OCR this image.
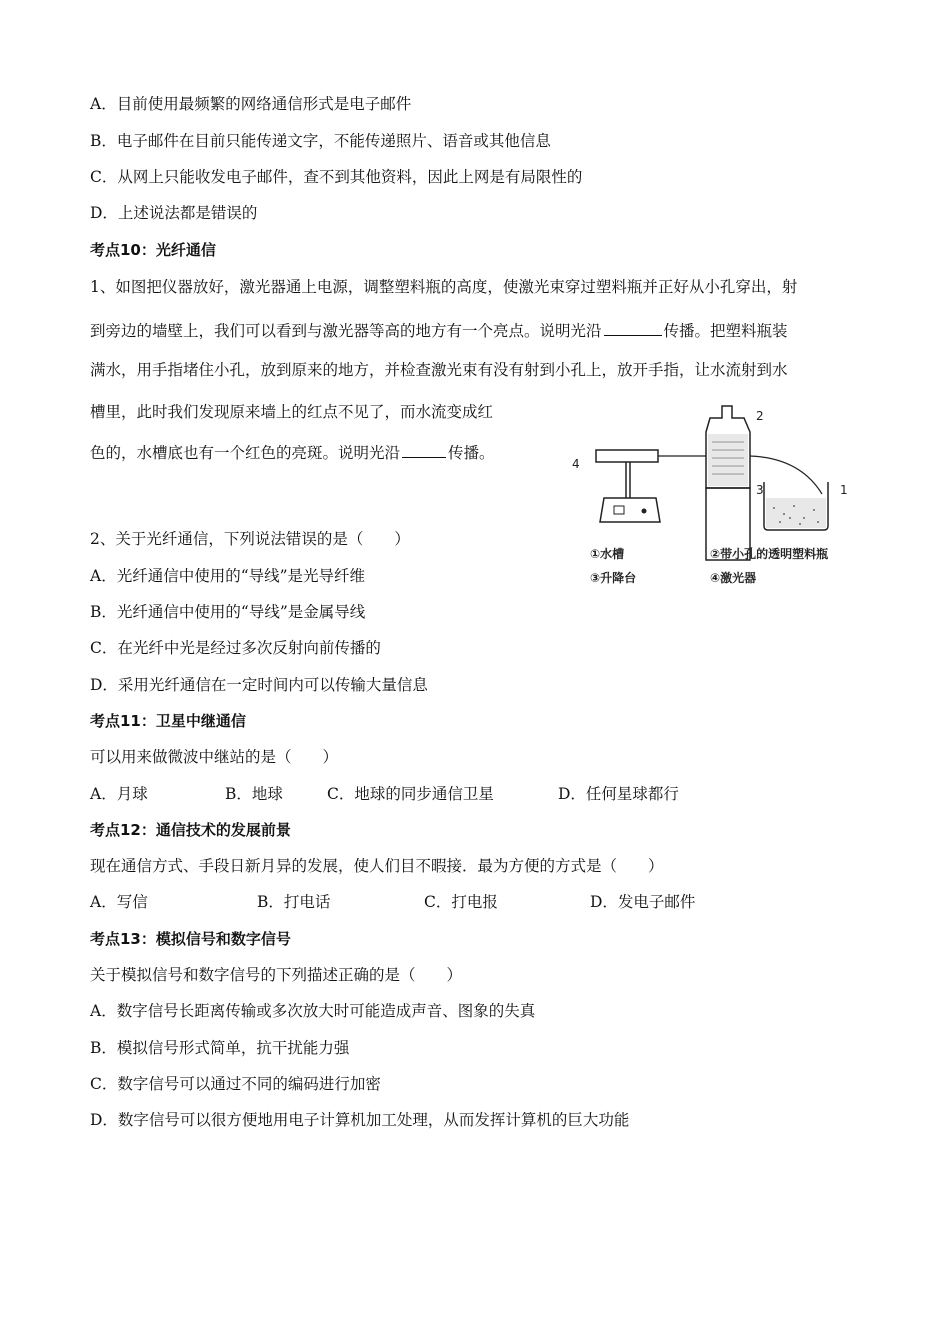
A．目前使用最频繁的网络通信形式是电子邮件
B．电子邮件在目前只能传递文字，不能传递照片、语音或其他信息
C．从网上只能收发电子邮件，查不到其他资料，因此上网是有局限性的
D．上述说法都是错误的
考点10：光纤通信
1、如图把仪器放好，激光器通上电源，调整塑料瓶的高度，使激光束穿过塑料瓶并正好从小孔穿出，射
到旁边的墙壁上，我们可以看到与激光器等高的地方有一个亮点。说明光沿	传播。把塑料瓶装
满水，用手指堵住小孔，放到原来的地方，并检查激光束有没有射到小孔上，放开手指，让水流射到水
槽里，此时我们发现原来墙上的红点不见了，而水流变成红
色的，水槽底也有一个红色的亮斑。说明光沿	传播。
2
3
4
1
①水槽	②带小孔的透明塑料瓶
③升降台	④激光器
2、关于光纤通信，下列说法错误的是（　　）
A．光纤通信中使用的“导线”是光导纤维
B．光纤通信中使用的“导线”是金属导线
C．在光纤中光是经过多次反射向前传播的
D．采用光纤通信在一定时间内可以传输大量信息
考点11：卫星中继通信
可以用来做微波中继站的是（　　）
A．月球	B．地球	C．地球的同步通信卫星	D．任何星球都行
考点12：通信技术的发展前景
现在通信方式、手段日新月异的发展，使人们目不暇接．最为方便的方式是（　　）
A．写信	B．打电话	C．打电报	D．发电子邮件
考点13：模拟信号和数字信号
关于模拟信号和数字信号的下列描述正确的是（　　）
A．数字信号长距离传输或多次放大时可能造成声音、图象的失真
B．模拟信号形式简单，抗干扰能力强
C．数字信号可以通过不同的编码进行加密
D．数字信号可以很方便地用电子计算机加工处理，从而发挥计算机的巨大功能
